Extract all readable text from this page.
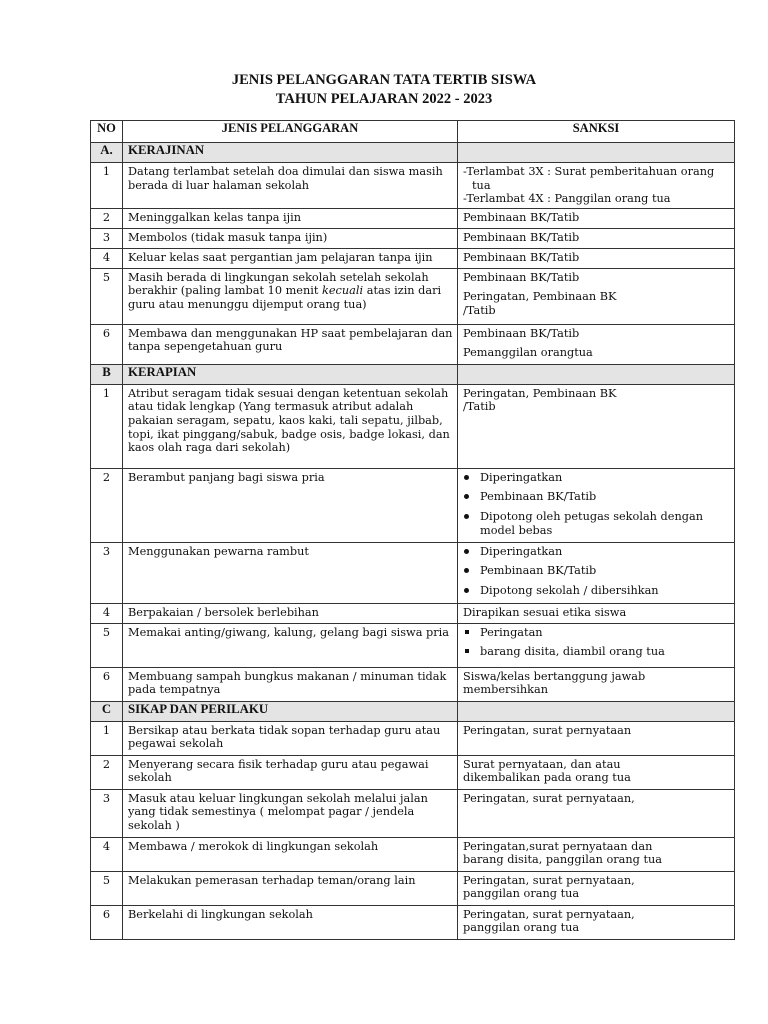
JENIS PELANGGARAN TATA TERTIB SISWA
TAHUN PELAJARAN 2022 - 2023
NO	JENIS PELANGGARAN	SANKSI
A.	KERAJINAN	
1	Datang terlambat setelah doa dimulai dan siswa masih berada di luar halaman sekolah	-Terlambat 3X : Surat pemberitahuan orang tua
-Terlambat 4X : Panggilan orang tua

2	Meninggalkan kelas tanpa ijin	Pembinaan BK/Tatib
3	Membolos (tidak masuk tanpa ijin)	Pembinaan BK/Tatib
4	Keluar kelas saat pergantian jam pelajaran tanpa ijin	Pembinaan BK/Tatib
5	Masih berada di lingkungan sekolah setelah sekolah berakhir (paling lambat 10 menit kecuali atas izin dari guru atau menunggu dijemput orang tua)	Pembinaan BK/Tatib
Peringatan, Pembinaan BK /Tatib

6	Membawa dan menggunakan HP saat pembelajaran dan tanpa sepengetahuan guru	Pembinaan BK/Tatib
Pemanggilan orangtua

B	KERAPIAN	
1	Atribut seragam tidak sesuai dengan ketentuan sekolah atau tidak lengkap (Yang termasuk atribut adalah pakaian seragam, sepatu, kaos kaki, tali sepatu, jilbab, topi, ikat pinggang/sabuk, badge osis, badge lokasi, dan kaos olah raga dari sekolah)	Peringatan, Pembinaan BK /Tatib

2	Berambut panjang bagi siswa pria	Diperingatkan
Pembinaan BK/Tatib
Dipotong oleh petugas sekolah dengan model bebas

3	Menggunakan pewarna rambut	Diperingatkan
Pembinaan BK/Tatib
Dipotong sekolah / dibersihkan

4	Berpakaian / bersolek berlebihan	Dirapikan sesuai etika siswa
5	Memakai anting/giwang, kalung, gelang bagi siswa pria	Peringatan
barang disita, diambil orang tua

6	Membuang sampah bungkus makanan / minuman tidak pada tempatnya	Siswa/kelas bertanggung jawab membersihkan
C	SIKAP DAN PERILAKU	
1	Bersikap atau berkata tidak sopan terhadap guru atau pegawai sekolah	Peringatan, surat pernyataan
2	Menyerang secara fisik terhadap guru atau pegawai sekolah	Surat pernyataan, dan atau dikembalikan pada orang tua
3	Masuk atau keluar lingkungan sekolah melalui jalan yang tidak semestinya ( melompat pagar / jendela sekolah )	Peringatan, surat pernyataan,
4	Membawa / merokok di lingkungan sekolah	Peringatan,surat pernyataan dan barang disita, panggilan orang tua
5	Melakukan pemerasan terhadap teman/orang lain	Peringatan, surat pernyataan, panggilan orang tua
6	Berkelahi di lingkungan sekolah	Peringatan, surat pernyataan, panggilan orang tua
